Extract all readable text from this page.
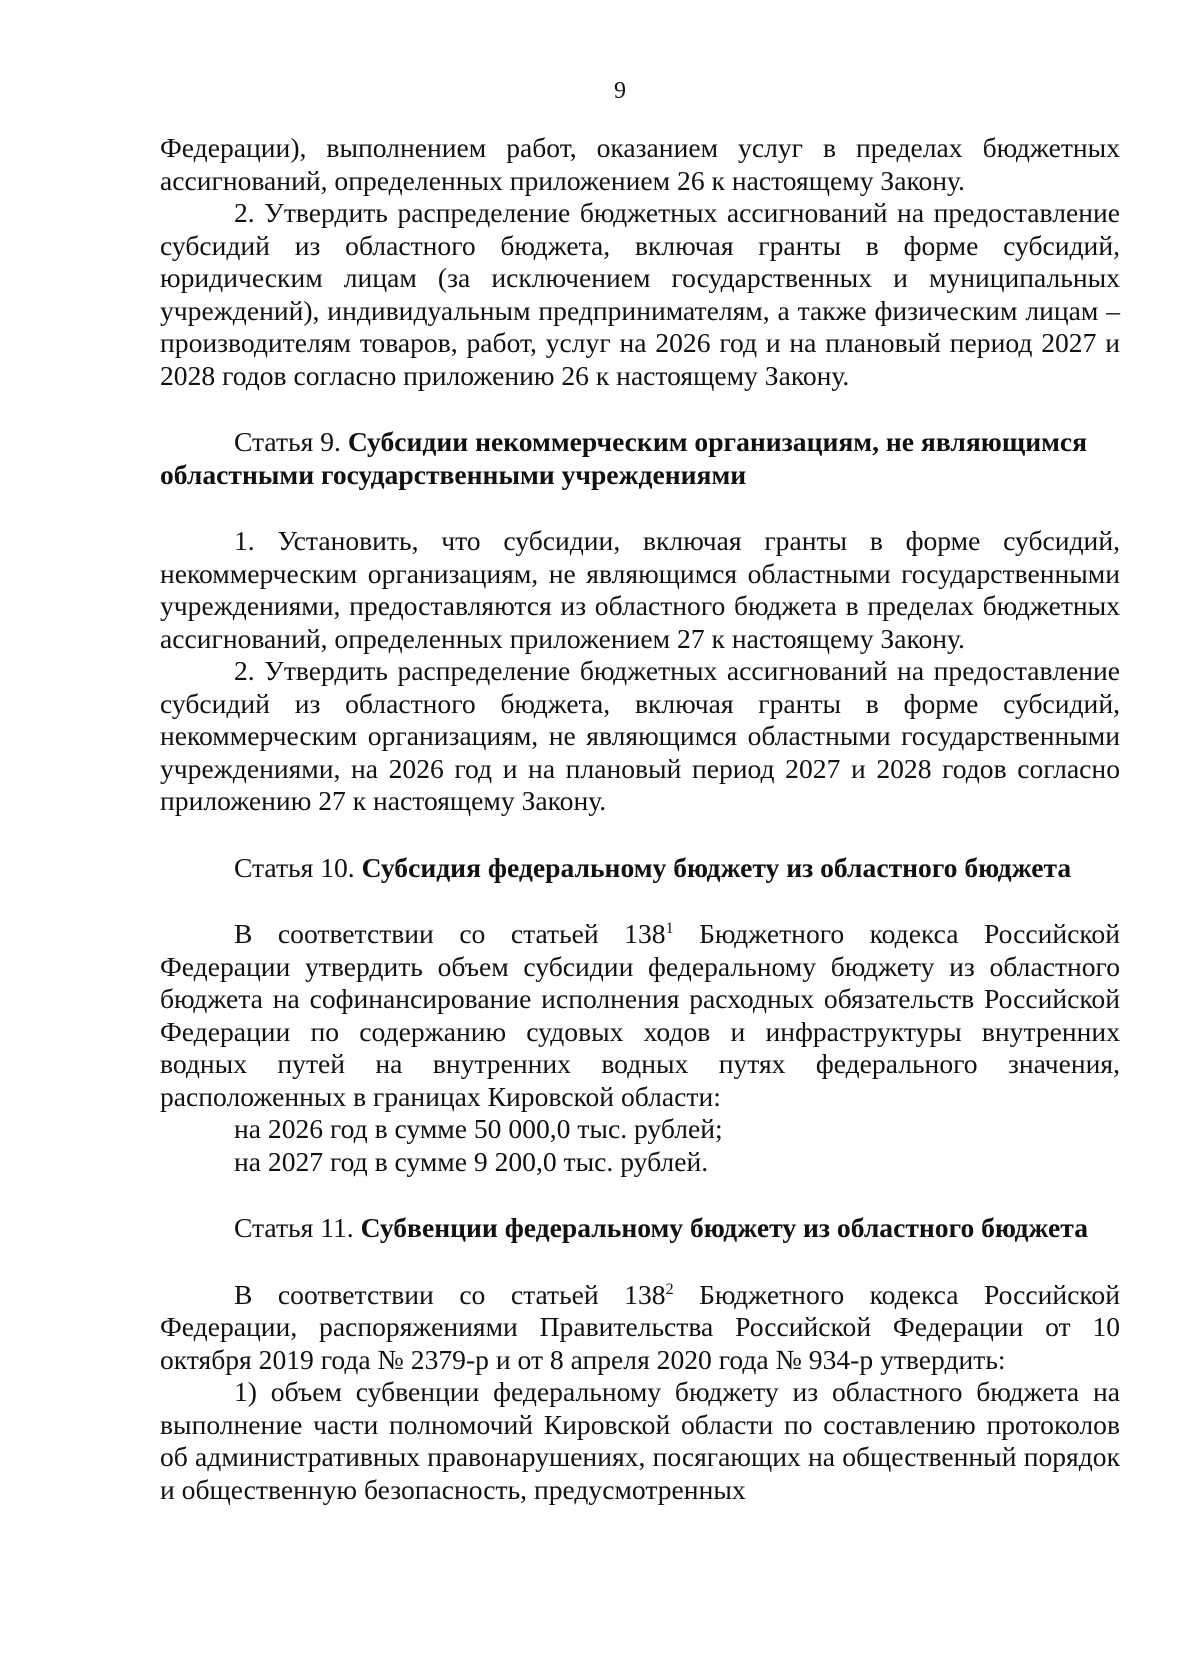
9

Федерации), выполнением работ, оказанием услуг в пределах бюджетных ассигнований, определенных приложением 26 к настоящему Закону.

2. Утвердить распределение бюджетных ассигнований на предоставление субсидий из областного бюджета, включая гранты в форме субсидий, юридическим лицам (за исключением государственных и муниципальных учреждений), индивидуальным предпринимателям, а также физическим лицам – производителям товаров, работ, услуг на 2026 год и на плановый период 2027 и 2028 годов согласно приложению 26 к настоящему Закону.

Статья 9. Субсидии некоммерческим организациям, не являющимся областными государственными учреждениями

1. Установить, что субсидии, включая гранты в форме субсидий, некоммерческим организациям, не являющимся областными государственными учреждениями, предоставляются из областного бюджета в пределах бюджетных ассигнований, определенных приложением 27 к настоящему Закону.

2. Утвердить распределение бюджетных ассигнований на предоставление субсидий из областного бюджета, включая гранты в форме субсидий, некоммерческим организациям, не являющимся областными государственными учреждениями, на 2026 год и на плановый период 2027 и 2028 годов согласно приложению 27 к настоящему Закону.

Статья 10. Субсидия федеральному бюджету из областного бюджета

В соответствии со статьей $138^1$ Бюджетного кодекса Российской Федерации утвердить объем субсидии федеральному бюджету из областного бюджета на софинансирование исполнения расходных обязательств Российской Федерации по содержанию судовых ходов и инфраструктуры внутренних водных путей на внутренних водных путях федерального значения, расположенных в границах Кировской области:

на 2026 год в сумме 50 000,0 тыс. рублей;

на 2027 год в сумме 9 200,0 тыс. рублей.

Статья 11. Субвенции федеральному бюджету из областного бюджета

В соответствии со статьей $138^2$ Бюджетного кодекса Российской Федерации, распоряжениями Правительства Российской Федерации от 10 октября 2019 года № 2379-р и от 8 апреля 2020 года № 934-р утвердить:

1) объем субвенции федеральному бюджету из областного бюджета на выполнение части полномочий Кировской области по составлению протоколов об административных правонарушениях, посягающих на общественный порядок и общественную безопасность, предусмотренных
